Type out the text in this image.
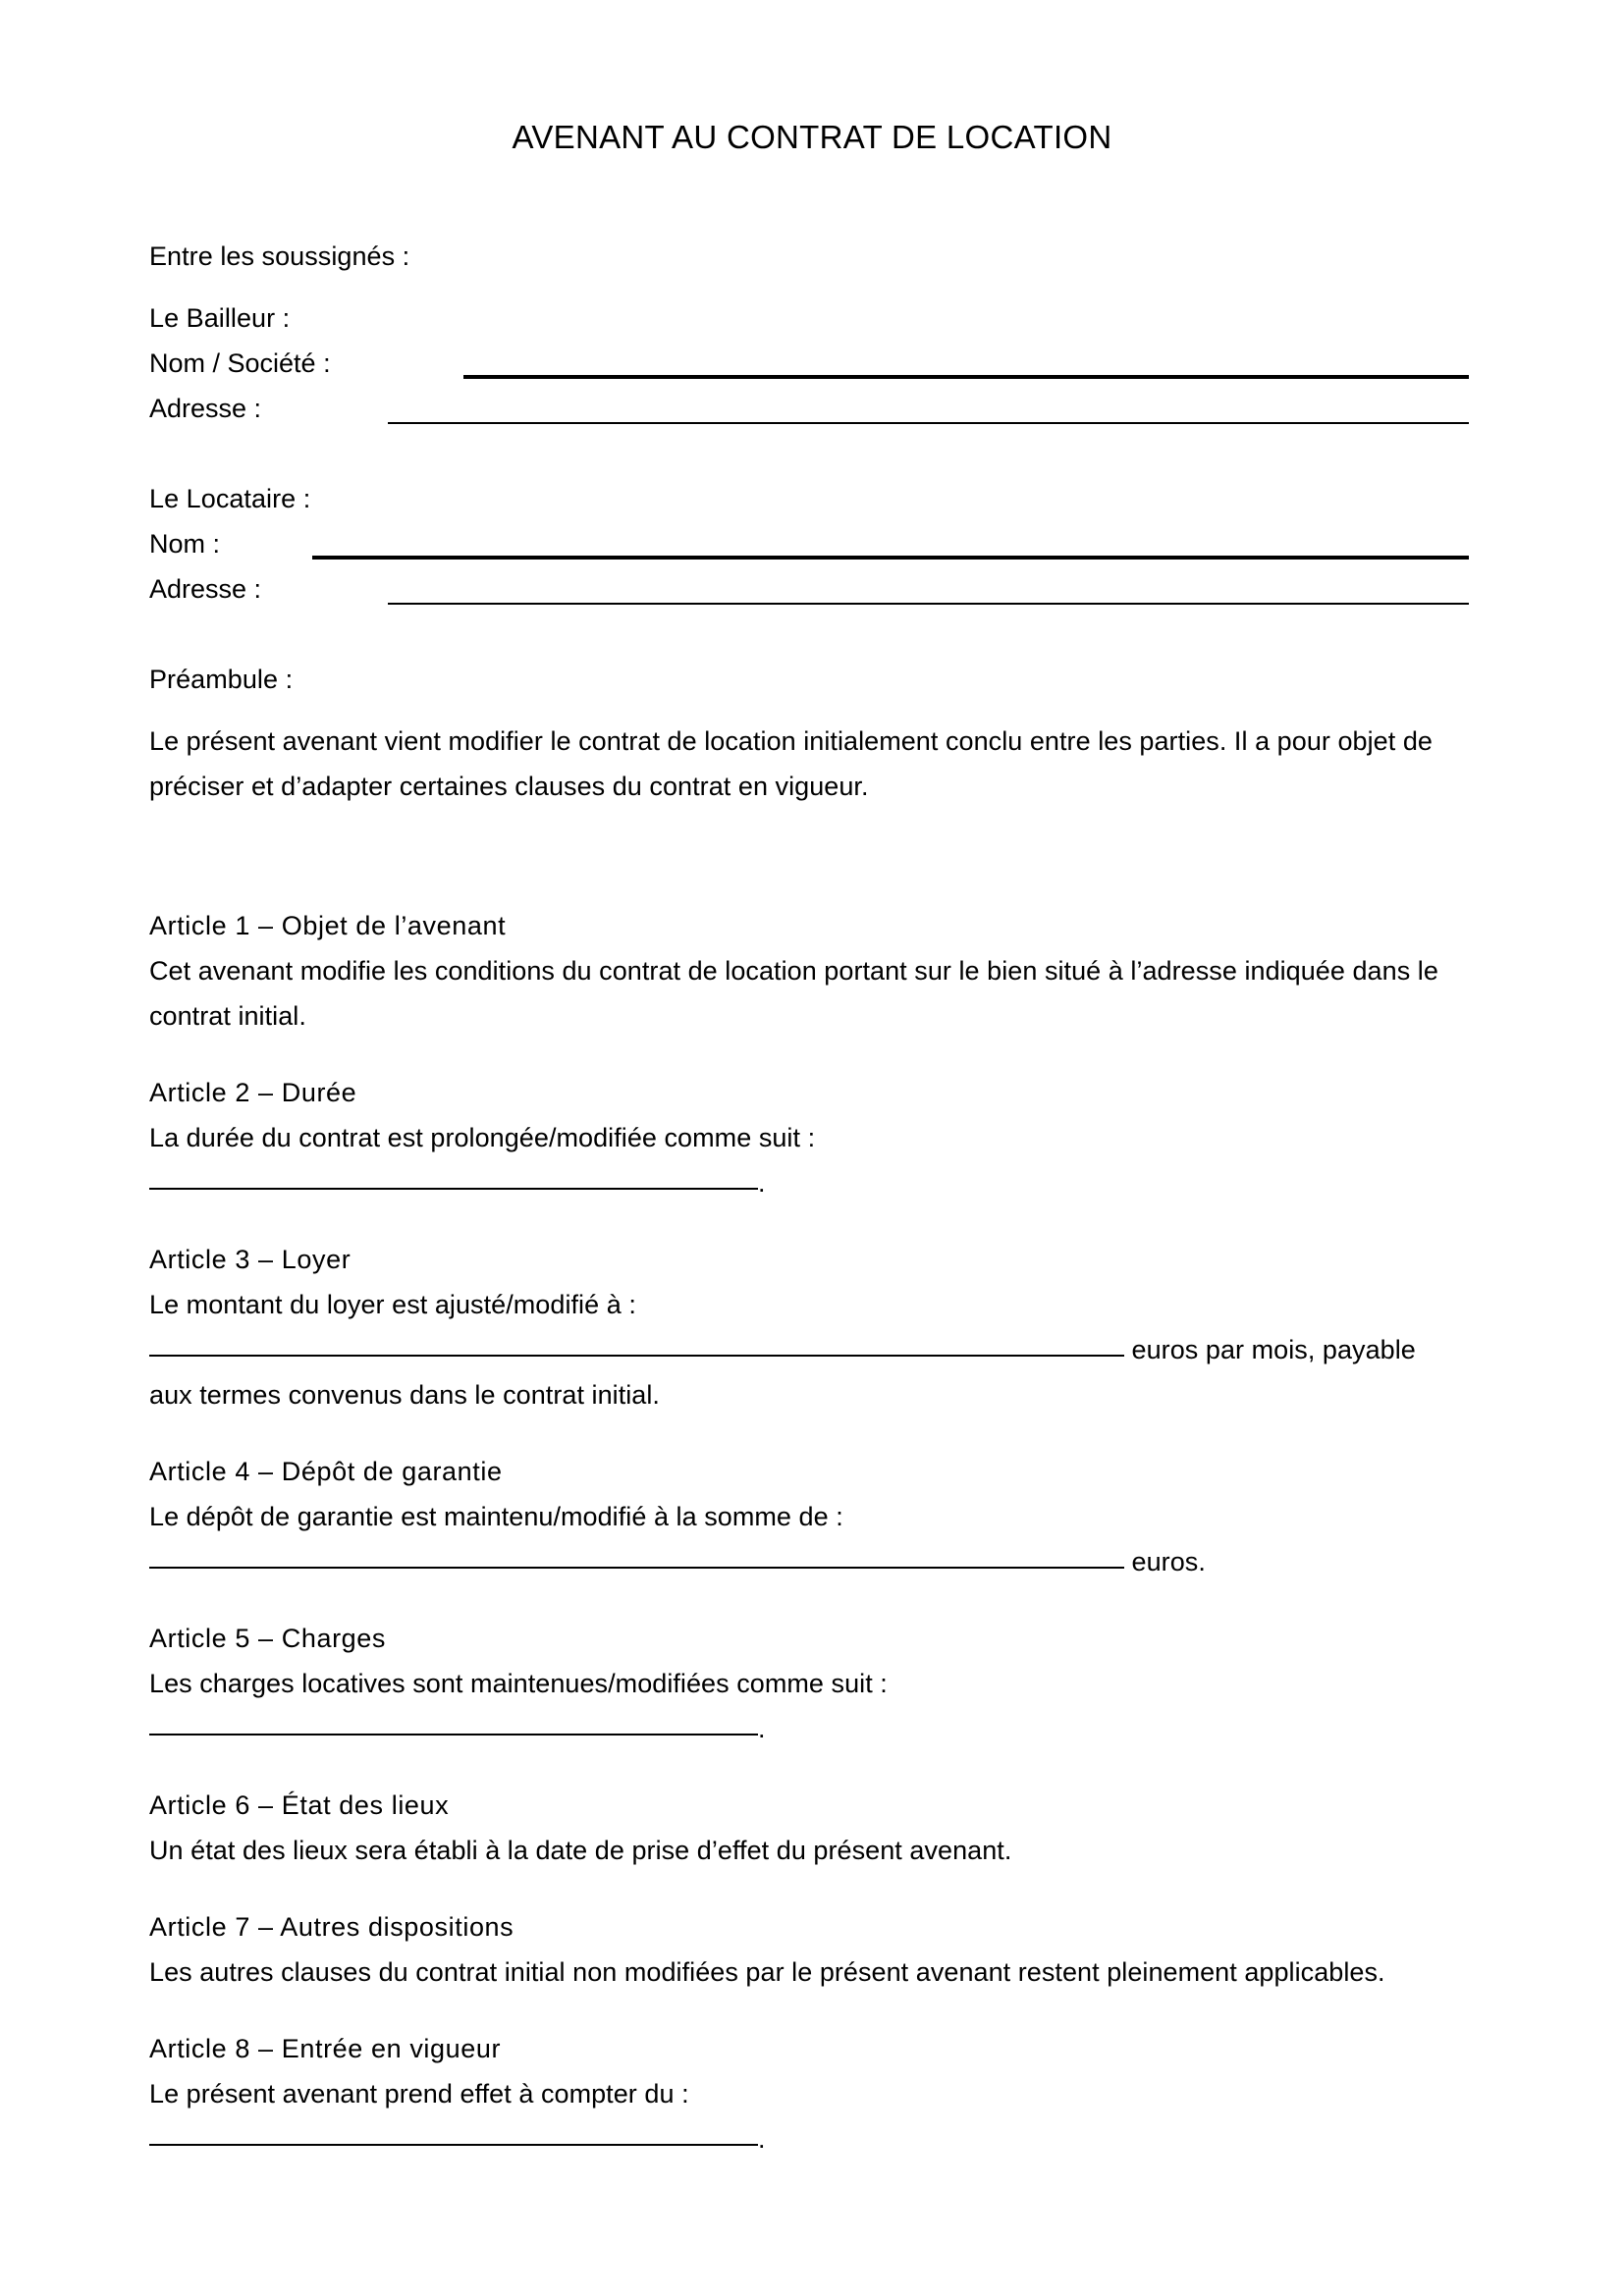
AVENANT AU CONTRAT DE LOCATION

Entre les soussignés :

Le Bailleur :

Nom / Société :
Adresse :

Le Locataire :

Nom :
Adresse :

Préambule :

Le présent avenant vient modifier le contrat de location initialement conclu entre les parties. Il a pour objet de préciser et d’adapter certaines clauses du contrat en vigueur.

Article 1 – Objet de l’avenant

Cet avenant modifie les conditions du contrat de location portant sur le bien situé à l’adresse indiquée dans le contrat initial.

Article 2 – Durée

La durée du contrat est prolongée/modifiée comme suit :

.

Article 3 – Loyer

Le montant du loyer est ajusté/modifié à :

euros par mois, payable

aux termes convenus dans le contrat initial.

Article 4 – Dépôt de garantie

Le dépôt de garantie est maintenu/modifié à la somme de :

euros.

Article 5 – Charges

Les charges locatives sont maintenues/modifiées comme suit :

.

Article 6 – État des lieux

Un état des lieux sera établi à la date de prise d’effet du présent avenant.

Article 7 – Autres dispositions

Les autres clauses du contrat initial non modifiées par le présent avenant restent pleinement applicables.

Article 8 – Entrée en vigueur

Le présent avenant prend effet à compter du :

.
